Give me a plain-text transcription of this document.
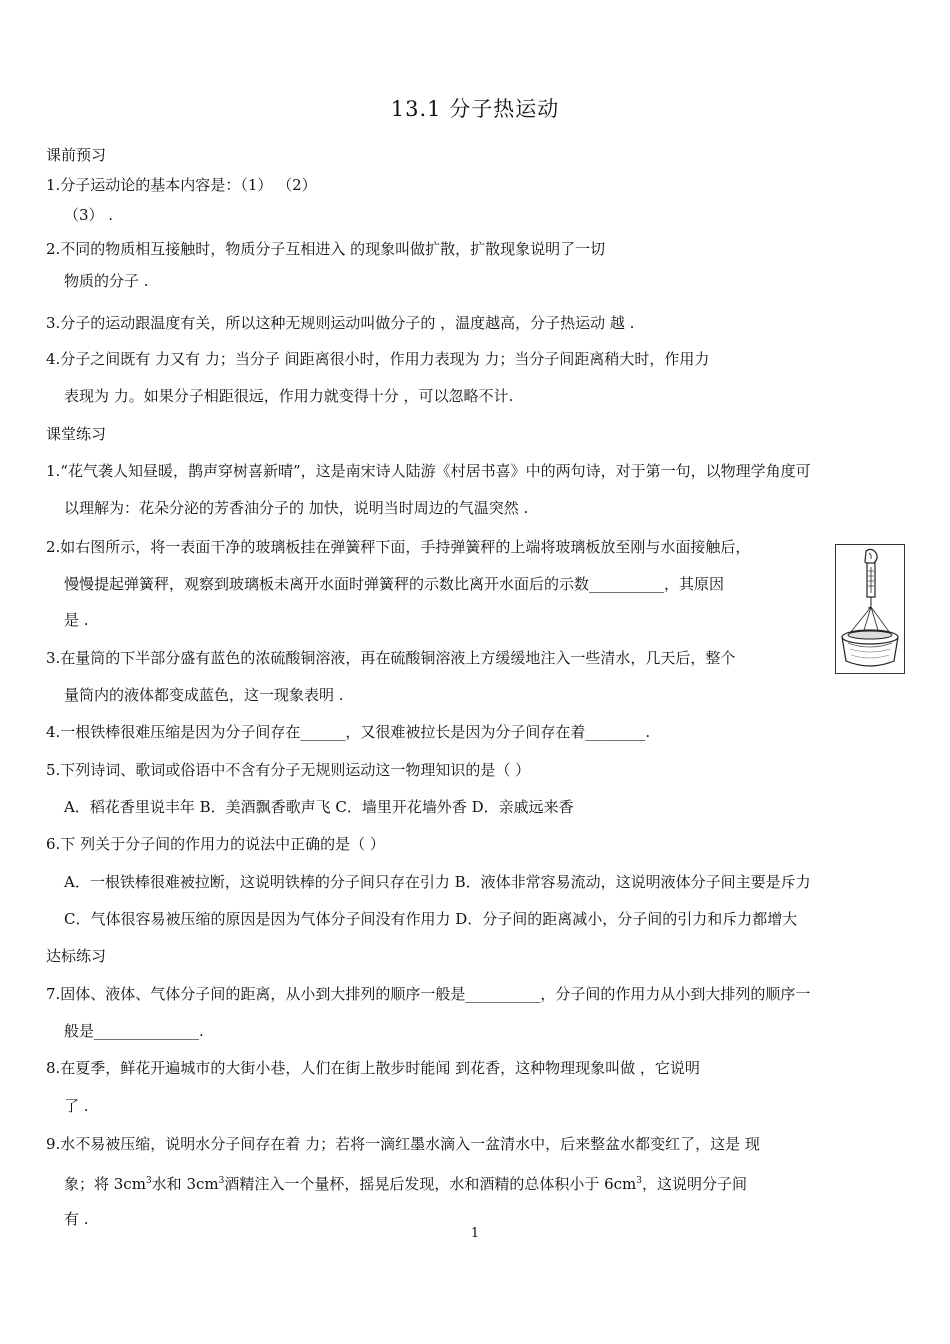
13.1 分子热运动
课前预习
1.分子运动论的基本内容是：（1） （2）
（3） .
2.不同的物质相互接触时，物质分子互相进入 的现象叫做扩散，扩散现象说明了一切
物质的分子 .
3.分子的运动跟温度有关，所以这种无规则运动叫做分子的 ，温度越高，分子热运动 越 .
4.分子之间既有 力又有 力；当分子 间距离很小时，作用力表现为 力；当分子间距离稍大时，作用力
表现为 力。如果分子相距很远，作用力就变得十分 ，可以忽略不计.
课堂练习
1.“花气袭人知昼暖，鹊声穿树喜新晴”，这是南宋诗人陆游《村居书喜》中的两句诗，对于第一句，以物理学角度可
以理解为：花朵分泌的芳香油分子的 加快，说明当时周边的气温突然 .
2.如右图所示，将一表面干净的玻璃板挂在弹簧秤下面，手持弹簧秤的上端将玻璃板放至刚与水面接触后，
慢慢提起弹簧秤，观察到玻璃板未离开水面时弹簧秤的示数比离开水面后的示数__________，其原因
是 .
3.在量筒的下半部分盛有蓝色的浓硫酸铜溶液，再在硫酸铜溶液上方缓缓地注入一些清水，几天后，整个
量筒内的液体都变成蓝色，这一现象表明 .
4.一根铁棒很难压缩是因为分子间存在______，又很难被拉长是因为分子间存在着________.
5.下列诗词、歌词或俗语中不含有分子无规则运动这一物理知识的是（ ）
A．稻花香里说丰年 B．美酒飘香歌声飞 C．墙里开花墙外香 D．亲戚远来香
6.下 列关于分子间的作用力的说法中正确的是（ ）
A．一根铁棒很难被拉断，这说明铁棒的分子间只存在引力 B．液体非常容易流动，这说明液体分子间主要是斥力
C．气体很容易被压缩的原因是因为气体分子间没有作用力 D．分子间的距离减小，分子间的引力和斥力都增大
达标练习
7.固体、液体、气体分子间的距离，从小到大排列的顺序一般是__________，分子间的作用力从小到大排列的顺序一
般是______________.
8.在夏季，鲜花开遍城市的大街小巷，人们在街上散步时能闻 到花香，这种物理现象叫做 ，它说明
了 .
9.水不易被压缩，说明水分子间存在着 力；若将一滴红墨水滴入一盆清水中，后来整盆水都变红了，这是 现
象；将 $3cm^3$水和 $3cm^3$酒精注入一个量杯，摇晃后发现，水和酒精的总体积小于 $6cm^3$，这说明分子间
有 .
1
